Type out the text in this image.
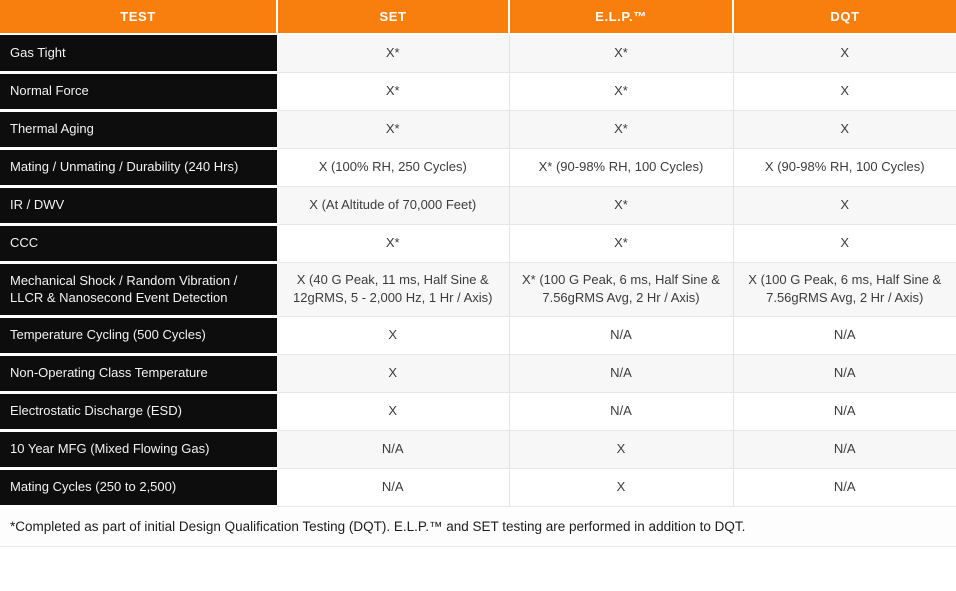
TEST	SET	E.L.P.™	DQT
Gas Tight	X*	X*	X
Normal Force	X*	X*	X
Thermal Aging	X*	X*	X
Mating / Unmating / Durability (240 Hrs)	X (100% RH, 250 Cycles)	X* (90-98% RH, 100 Cycles)	X (90-98% RH, 100 Cycles)
IR / DWV	X (At Altitude of 70,000 Feet)	X*	X
CCC	X*	X*	X
Mechanical Shock / Random Vibration / LLCR & Nanosecond Event Detection	X (40 G Peak, 11 ms, Half Sine & 12gRMS, 5 - 2,000 Hz, 1 Hr / Axis)	X* (100 G Peak, 6 ms, Half Sine & 7.56gRMS Avg, 2 Hr / Axis)	X (100 G Peak, 6 ms, Half Sine & 7.56gRMS Avg, 2 Hr / Axis)
Temperature Cycling (500 Cycles)	X	N/A	N/A
Non-Operating Class Temperature	X	N/A	N/A
Electrostatic Discharge (ESD)	X	N/A	N/A
10 Year MFG (Mixed Flowing Gas)	N/A	X	N/A
Mating Cycles (250 to 2,500)	N/A	X	N/A
*Completed as part of initial Design Qualification Testing (DQT). E.L.P.™ and SET testing are performed in addition to DQT.
